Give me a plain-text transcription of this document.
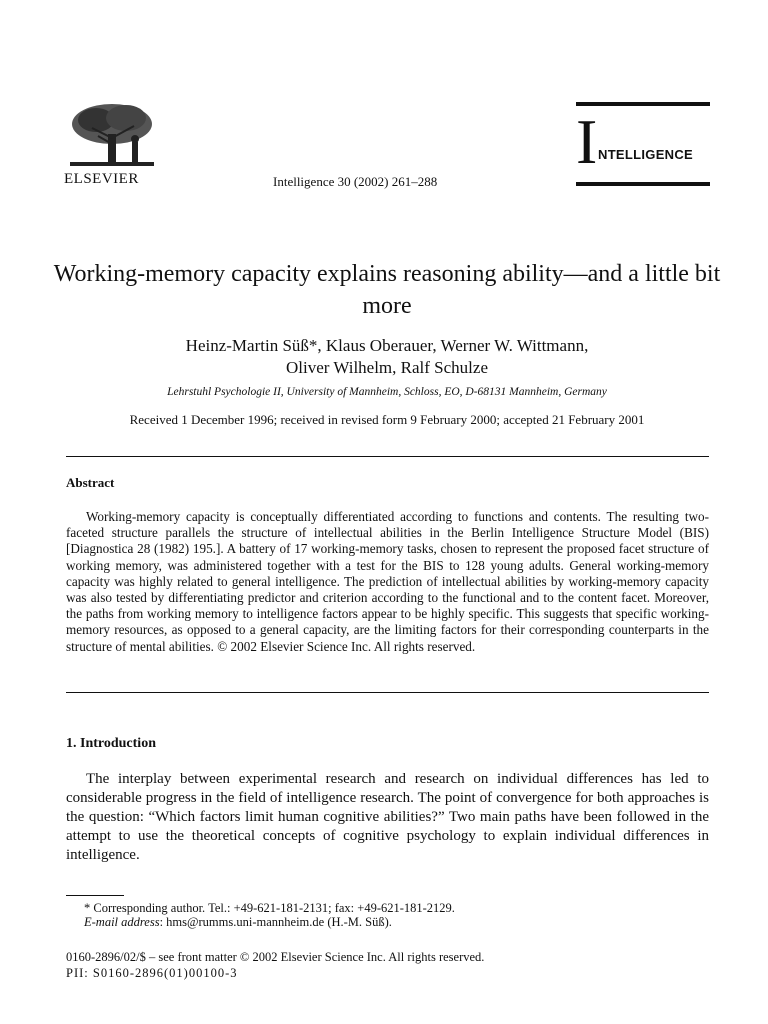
ELSEVIER	Intelligence 30 (2002) 261–288
I NTELLIGENCE
Working-memory capacity explains reasoning ability—and a little bit more
Heinz-Martin Süß*, Klaus Oberauer, Werner W. Wittmann,
Oliver Wilhelm, Ralf Schulze
Lehrstuhl Psychologie II, University of Mannheim, Schloss, EO, D-68131 Mannheim, Germany
Received 1 December 1996; received in revised form 9 February 2000; accepted 21 February 2001
Abstract
Working-memory capacity is conceptually differentiated according to functions and contents. The resulting two-faceted structure parallels the structure of intellectual abilities in the Berlin Intelligence Structure Model (BIS) [Diagnostica 28 (1982) 195.]. A battery of 17 working-memory tasks, chosen to represent the proposed facet structure of working memory, was administered together with a test for the BIS to 128 young adults. General working-memory capacity was highly related to general intelligence. The prediction of intellectual abilities by working-memory capacity was also tested by differentiating predictor and criterion according to the functional and to the content facet. Moreover, the paths from working memory to intelligence factors appear to be highly specific. This suggests that specific working-memory resources, as opposed to a general capacity, are the limiting factors for their corresponding counterparts in the structure of mental abilities. © 2002 Elsevier Science Inc. All rights reserved.
1. Introduction
The interplay between experimental research and research on individual differences has led to considerable progress in the field of intelligence research. The point of convergence for both approaches is the question: “Which factors limit human cognitive abilities?” Two main paths have been followed in the attempt to use the theoretical concepts of cognitive psychology to explain individual differences in intelligence.
* Corresponding author. Tel.: +49-621-181-2131; fax: +49-621-181-2129.
E-mail address: hms@rumms.uni-mannheim.de (H.-M. Süß).
0160-2896/02/$ – see front matter © 2002 Elsevier Science Inc. All rights reserved.
PII: S0160-2896(01)00100-3
